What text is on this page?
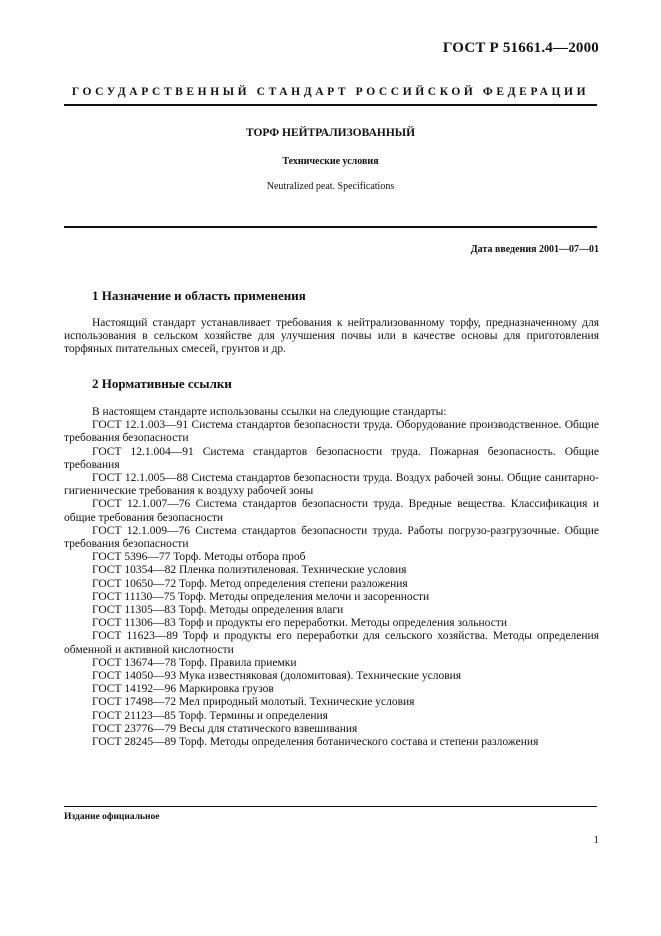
ГОСТ Р 51661.4—2000
ГОСУДАРСТВЕННЫЙ СТАНДАРТ РОССИЙСКОЙ ФЕДЕРАЦИИ
ТОРФ НЕЙТРАЛИЗОВАННЫЙ
Технические условия
Neutralized peat. Specifications
Дата введения 2001—07—01
1 Назначение и область применения
Настоящий стандарт устанавливает требования к нейтрализованному торфу, предназначенному для использования в сельском хозяйстве для улучшения почвы или в качестве основы для приготовления торфяных питательных смесей, грунтов и др.
2 Нормативные ссылки
В настоящем стандарте использованы ссылки на следующие стандарты:
ГОСТ 12.1.003—91 Система стандартов безопасности труда. Оборудование производственное. Общие требования безопасности
ГОСТ 12.1.004—91 Система стандартов безопасности труда. Пожарная безопасность. Общие требования
ГОСТ 12.1.005—88 Система стандартов безопасности труда. Воздух рабочей зоны. Общие санитарно-гигиенические требования к воздуху рабочей зоны
ГОСТ 12.1.007—76 Система стандартов безопасности труда. Вредные вещества. Классификация и общие требования безопасности
ГОСТ 12.1.009—76 Система стандартов безопасности труда. Работы погрузо-разгрузочные. Общие требования безопасности
ГОСТ 5396—77 Торф. Методы отбора проб
ГОСТ 10354—82 Пленка полиэтиленовая. Технические условия
ГОСТ 10650—72 Торф. Метод определения степени разложения
ГОСТ 11130—75 Торф. Методы определения мелочи и засоренности
ГОСТ 11305—83 Торф. Методы определения влаги
ГОСТ 11306—83 Торф и продукты его переработки. Методы определения зольности
ГОСТ 11623—89 Торф и продукты его переработки для сельского хозяйства. Методы определения обменной и активной кислотности
ГОСТ 13674—78 Торф. Правила приемки
ГОСТ 14050—93 Мука известняковая (доломитовая). Технические условия
ГОСТ 14192—96 Маркировка грузов
ГОСТ 17498—72 Мел природный молотый. Технические условия
ГОСТ 21123—85 Торф. Термины и определения
ГОСТ 23776—79 Весы для статического взвешивания
ГОСТ 28245—89 Торф. Методы определения ботанического состава и степени разложения
Издание официальное
1
